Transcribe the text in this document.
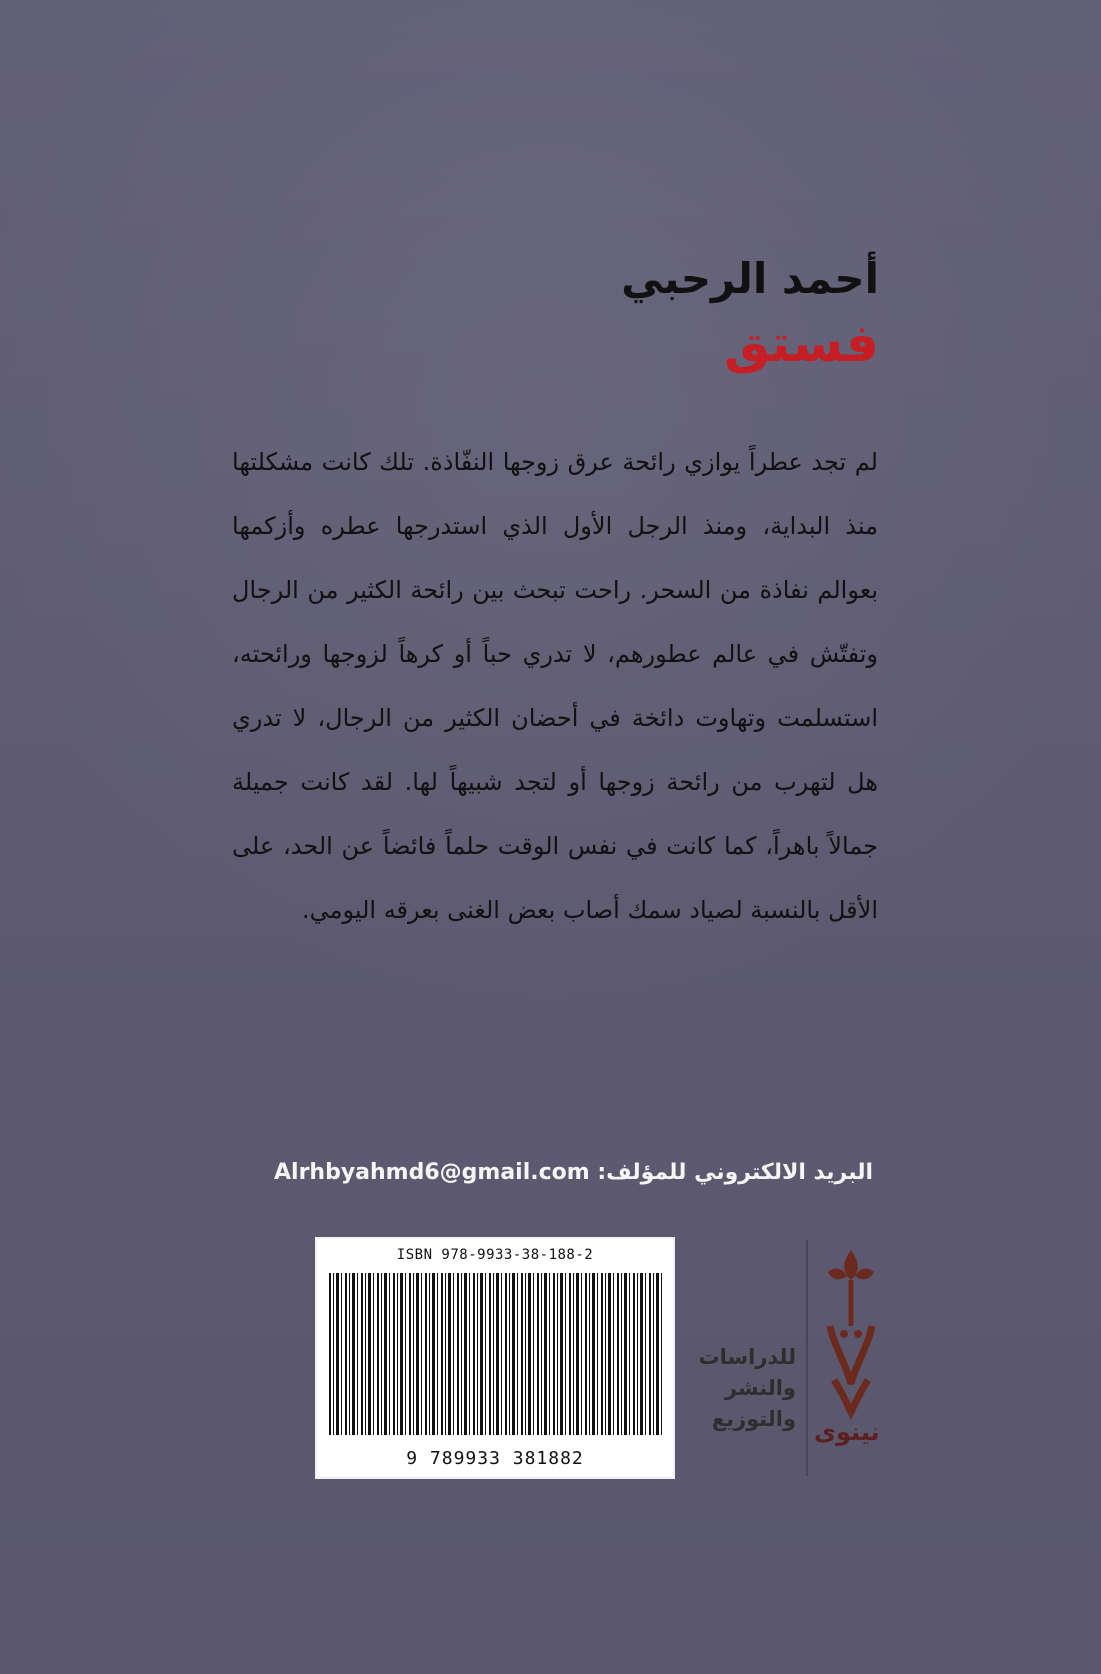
أحمد الرحبي
فستق

لم تجد عطراً يوازي رائحة عرق زوجها النفّاذة. تلك كانت مشكلتها منذ البداية، ومنذ الرجل الأول الذي استدرجها عطره وأزكمها بعوالم نفاذة من السحر. راحت تبحث بين رائحة الكثير من الرجال وتفتّش في عالم عطورهم، لا تدري حباً أو كرهاً لزوجها ورائحته، استسلمت وتهاوت دائخة في أحضان الكثير من الرجال، لا تدري هل لتهرب من رائحة زوجها أو لتجد شبيهاً لها. لقد كانت جميلة جمالاً باهراً، كما كانت في نفس الوقت حلماً فائضاً عن الحد، على الأقل بالنسبة لصياد سمك أصاب بعض الغنى بعرقه اليومي.

البريد الالكتروني للمؤلف: Alrhbyahmd6@gmail.com
ISBN 978-9933-38-188-2
9 789933 381882
للدراسات
والنشر
والتوزيع نينوى
